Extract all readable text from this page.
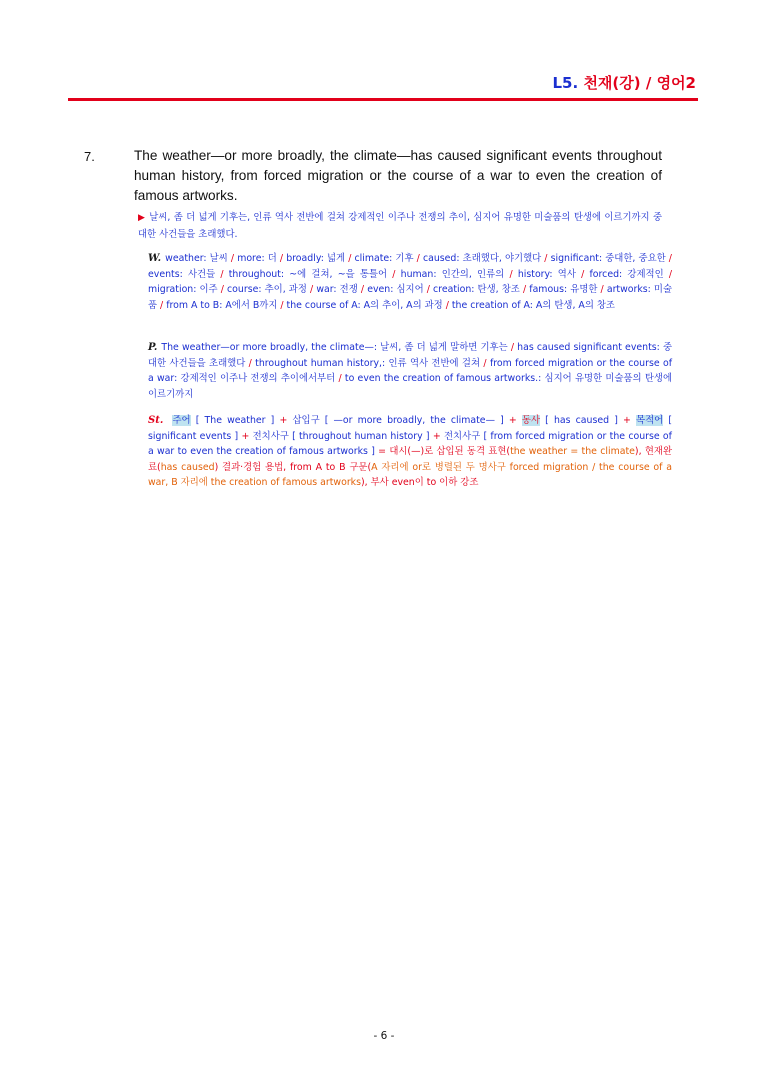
L5. 천재(강) / 영어2
7.	The weather—or more broadly, the climate—has caused significant events throughout human history, from forced migration or the course of a war to even the creation of famous artworks.
▶ 날씨, 좀 더 넓게 기후는, 인류 역사 전반에 걸쳐 강제적인 이주나 전쟁의 추이, 심지어 유명한 미술품의 탄생에 이르기까지 중대한 사건들을 초래했다.
W. weather: 날씨 / more: 더 / broadly: 넓게 / climate: 기후 / caused: 초래했다, 야기했다 / significant: 중대한, 중요한 / events: 사건들 / throughout: ~에 걸쳐, ~을 통틀어 / human: 인간의, 인류의 / history: 역사 / forced: 강제적인 / migration: 이주 / course: 추이, 과정 / war: 전쟁 / even: 심지어 / creation: 탄생, 창조 / famous: 유명한 / artworks: 미술품 / from A to B: A에서 B까지 / the course of A: A의 추이, A의 과정 / the creation of A: A의 탄생, A의 창조
P. The weather—or more broadly, the climate—: 날씨, 좀 더 넓게 말하면 기후는 / has caused significant events: 중대한 사건들을 초래했다 / throughout human history,: 인류 역사 전반에 걸쳐 / from forced migration or the course of a war: 강제적인 이주나 전쟁의 추이에서부터 / to even the creation of famous artworks.: 심지어 유명한 미술품의 탄생에 이르기까지
St. 주어 [ The weather ] + 삽입구 [ —or more broadly, the climate— ] + 동사 [ has caused ] + 목적어 [ significant events ] + 전치사구 [ throughout human history ] + 전치사구 [ from forced migration or the course of a war to even the creation of famous artworks ] = 대시(—)로 삽입된 동격 표현(the weather = the climate), 현재완료(has caused) 결과·경험 용법, from A to B 구문(A 자리에 or로 병렬된 두 명사구 forced migration / the course of a war, B 자리에 the creation of famous artworks), 부사 even이 to 이하 강조
- 6 -
